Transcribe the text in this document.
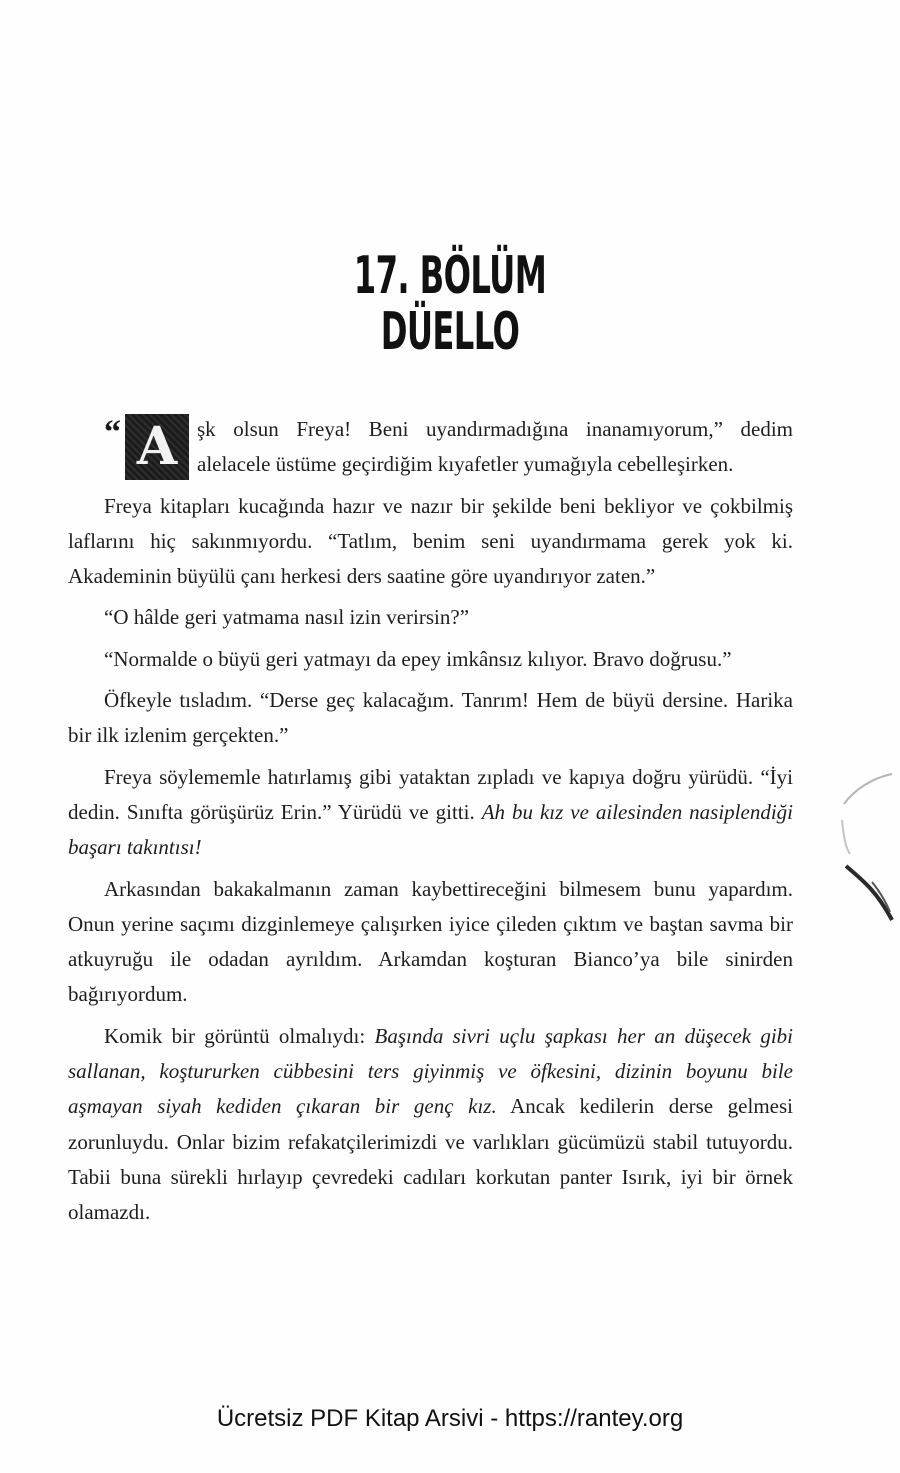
17. BÖLÜM
DÜELLO

“ A şk olsun Freya! Beni uyandırmadığına inanamıyorum,” dedim alelacele üstüme geçirdiğim kıyafetler yumağıyla cebelleşirken.

Freya kitapları kucağında hazır ve nazır bir şekilde beni bekliyor ve çokbilmiş laflarını hiç sakınmıyordu. “Tatlım, benim seni uyandırmama gerek yok ki. Akademinin büyülü çanı herkesi ders saatine göre uyandırıyor zaten.”

“O hâlde geri yatmama nasıl izin verirsin?”

“Normalde o büyü geri yatmayı da epey imkânsız kılıyor. Bravo doğrusu.”

Öfkeyle tısladım. “Derse geç kalacağım. Tanrım! Hem de büyü dersine. Harika bir ilk izlenim gerçekten.”

Freya söylememle hatırlamış gibi yataktan zıpladı ve kapıya doğru yürüdü. “İyi dedin. Sınıfta görüşürüz Erin.” Yürüdü ve gitti. Ah bu kız ve ailesinden nasiplendiği başarı takıntısı!

Arkasından bakakalmanın zaman kaybettireceğini bilmesem bunu yapardım. Onun yerine saçımı dizginlemeye çalışırken iyice çileden çıktım ve baştan savma bir atkuyruğu ile odadan ayrıldım. Arkamdan koşturan Bianco’ya bile sinirden bağırıyordum.

Komik bir görüntü olmalıydı: Başında sivri uçlu şapkası her an düşecek gibi sallanan, koştururken cübbesini ters giyinmiş ve öfkesini, dizinin boyunu bile aşmayan siyah kediden çıkaran bir genç kız. Ancak kedilerin derse gelmesi zorunluydu. Onlar bizim refakatçilerimizdi ve varlıkları gücümüzü stabil tutuyordu. Tabii buna sürekli hırlayıp çevredeki cadıları korkutan panter Isırık, iyi bir örnek olamazdı.

Ücretsiz PDF Kitap Arsivi - https://rantey.org
